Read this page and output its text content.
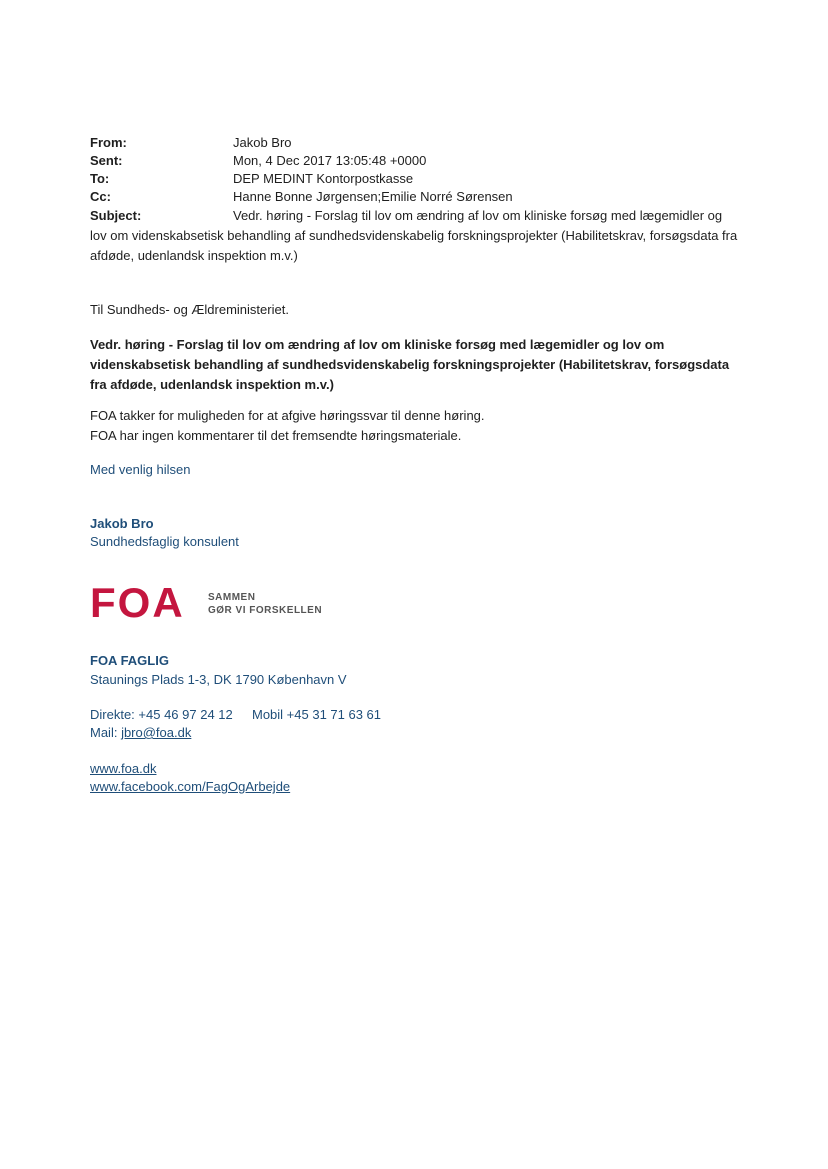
From:	Jakob Bro
Sent:	Mon, 4 Dec 2017 13:05:48 +0000
To:	DEP MEDINT Kontorpostkasse
Cc:	Hanne Bonne Jørgensen;Emilie Norré Sørensen
Subject:	Vedr. høring - Forslag til lov om ændring af lov om kliniske forsøg med lægemidler og lov om videnskabsetisk behandling af sundhedsvidenskabelig forskningsprojekter (Habilitetskrav, forsøgsdata fra afdøde, udenlandsk inspektion m.v.)
Til Sundheds- og Ældreministeriet.
Vedr. høring - Forslag til lov om ændring af lov om kliniske forsøg med lægemidler og lov om videnskabsetisk behandling af sundhedsvidenskabelig forskningsprojekter (Habilitetskrav, forsøgsdata fra afdøde, udenlandsk inspektion m.v.)
FOA takker for muligheden for at afgive høringssvar til denne høring.
FOA har ingen kommentarer til det fremsendte høringsmateriale.
Med venlig hilsen
Jakob Bro
Sundhedsfaglig konsulent
FOA SAMMEN
GØR VI FORSKELLEN
FOA FAGLIG
Staunings Plads 1-3, DK 1790 København V
Direkte: +45 46 97 24 12 Mobil +45 31 71 63 61
Mail: jbro@foa.dk
www.foa.dk
www.facebook.com/FagOgArbejde
